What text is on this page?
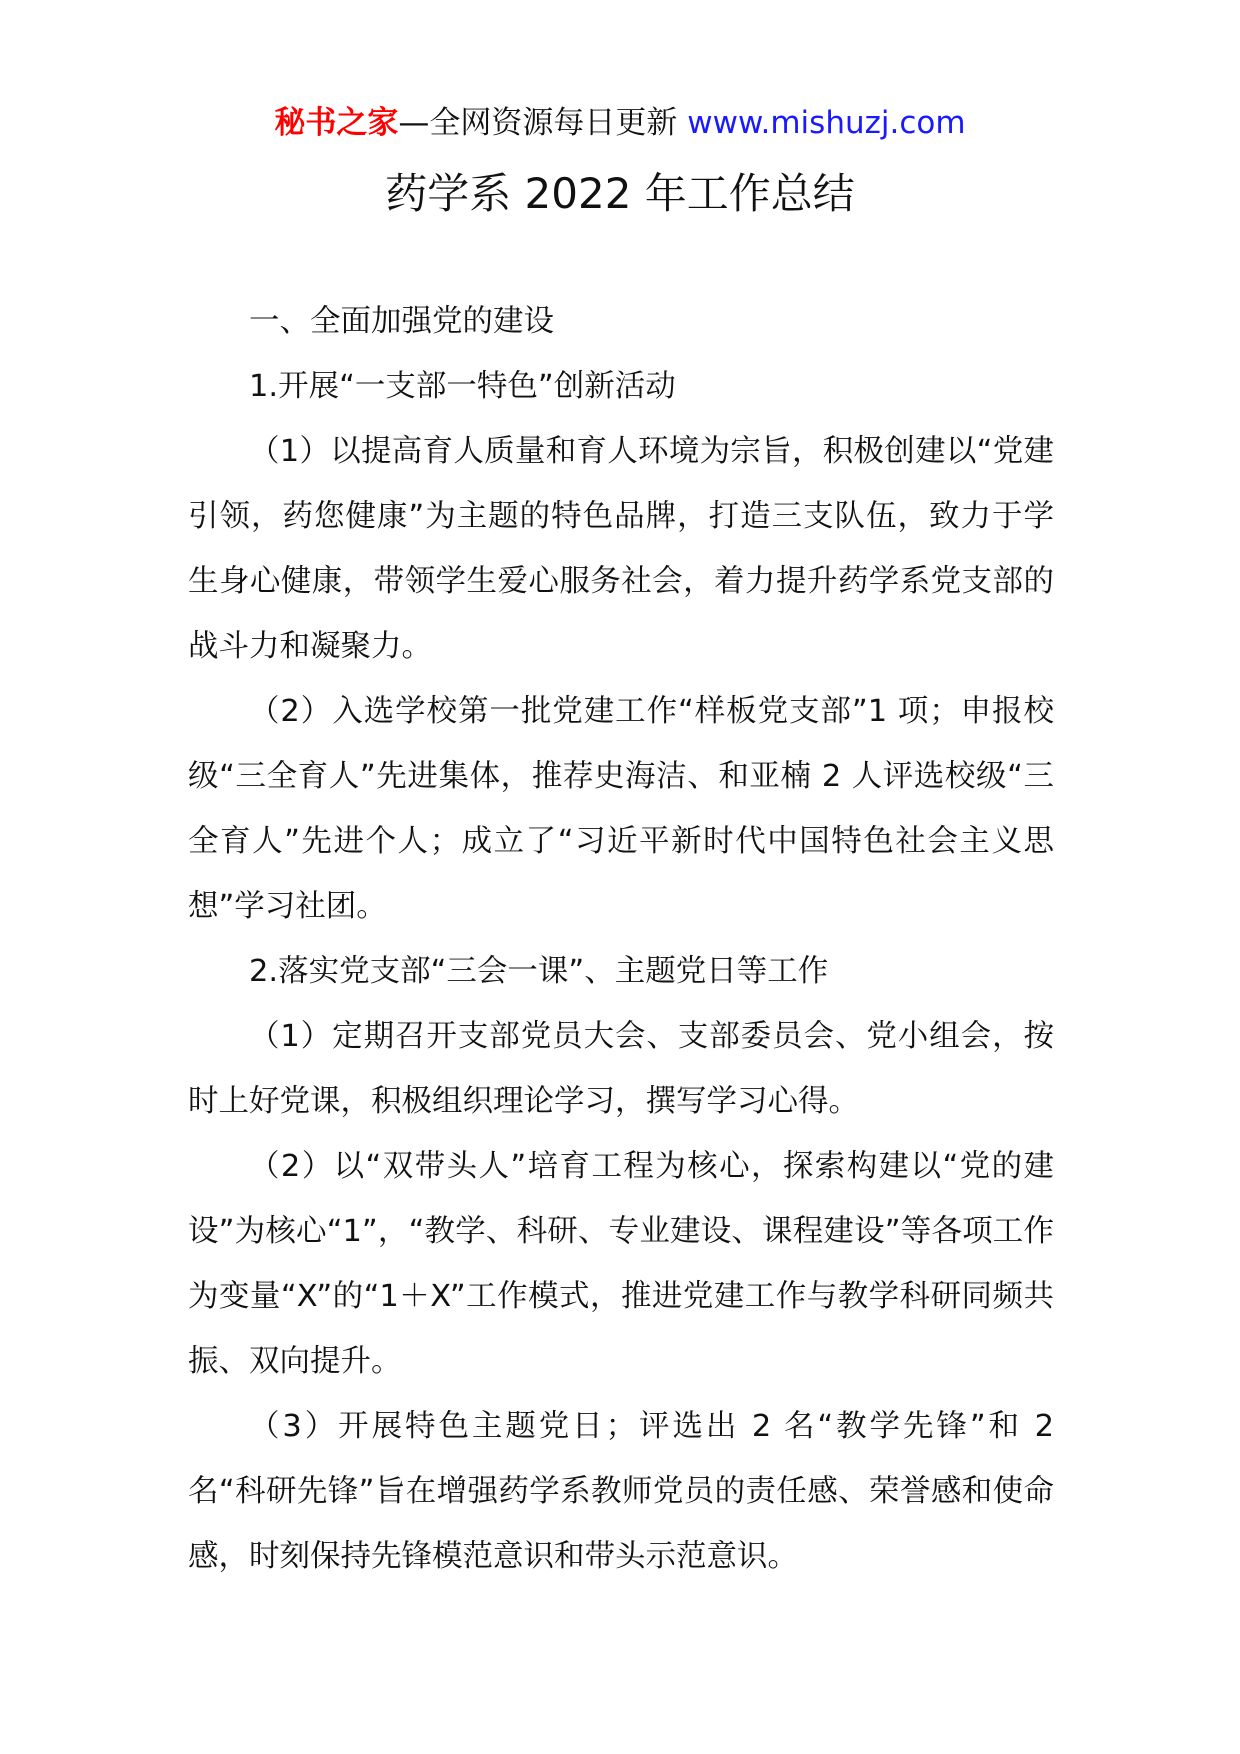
秘书之家—全网资源每日更新 www.mishuzj.com
药学系 2022 年工作总结

一、全面加强党的建设

1.开展“一支部一特色”创新活动

（1）以提高育人质量和育人环境为宗旨，积极创建以“党建引领，药您健康”为主题的特色品牌，打造三支队伍，致力于学生身心健康，带领学生爱心服务社会，着力提升药学系党支部的战斗力和凝聚力。

（2）入选学校第一批党建工作“样板党支部”1 项；申报校级“三全育人”先进集体，推荐史海洁、和亚楠 2 人评选校级“三全育人”先进个人；成立了“习近平新时代中国特色社会主义思想”学习社团。

2.落实党支部“三会一课”、主题党日等工作

（1）定期召开支部党员大会、支部委员会、党小组会，按时上好党课，积极组织理论学习，撰写学习心得。

（2）以“双带头人”培育工程为核心，探索构建以“党的建设”为核心“1”，“教学、科研、专业建设、课程建设”等各项工作为变量“X”的“1＋X”工作模式，推进党建工作与教学科研同频共振、双向提升。

（3）开展特色主题党日；评选出 2 名“教学先锋”和 2 名“科研先锋”旨在增强药学系教师党员的责任感、荣誉感和使命感，时刻保持先锋模范意识和带头示范意识。
